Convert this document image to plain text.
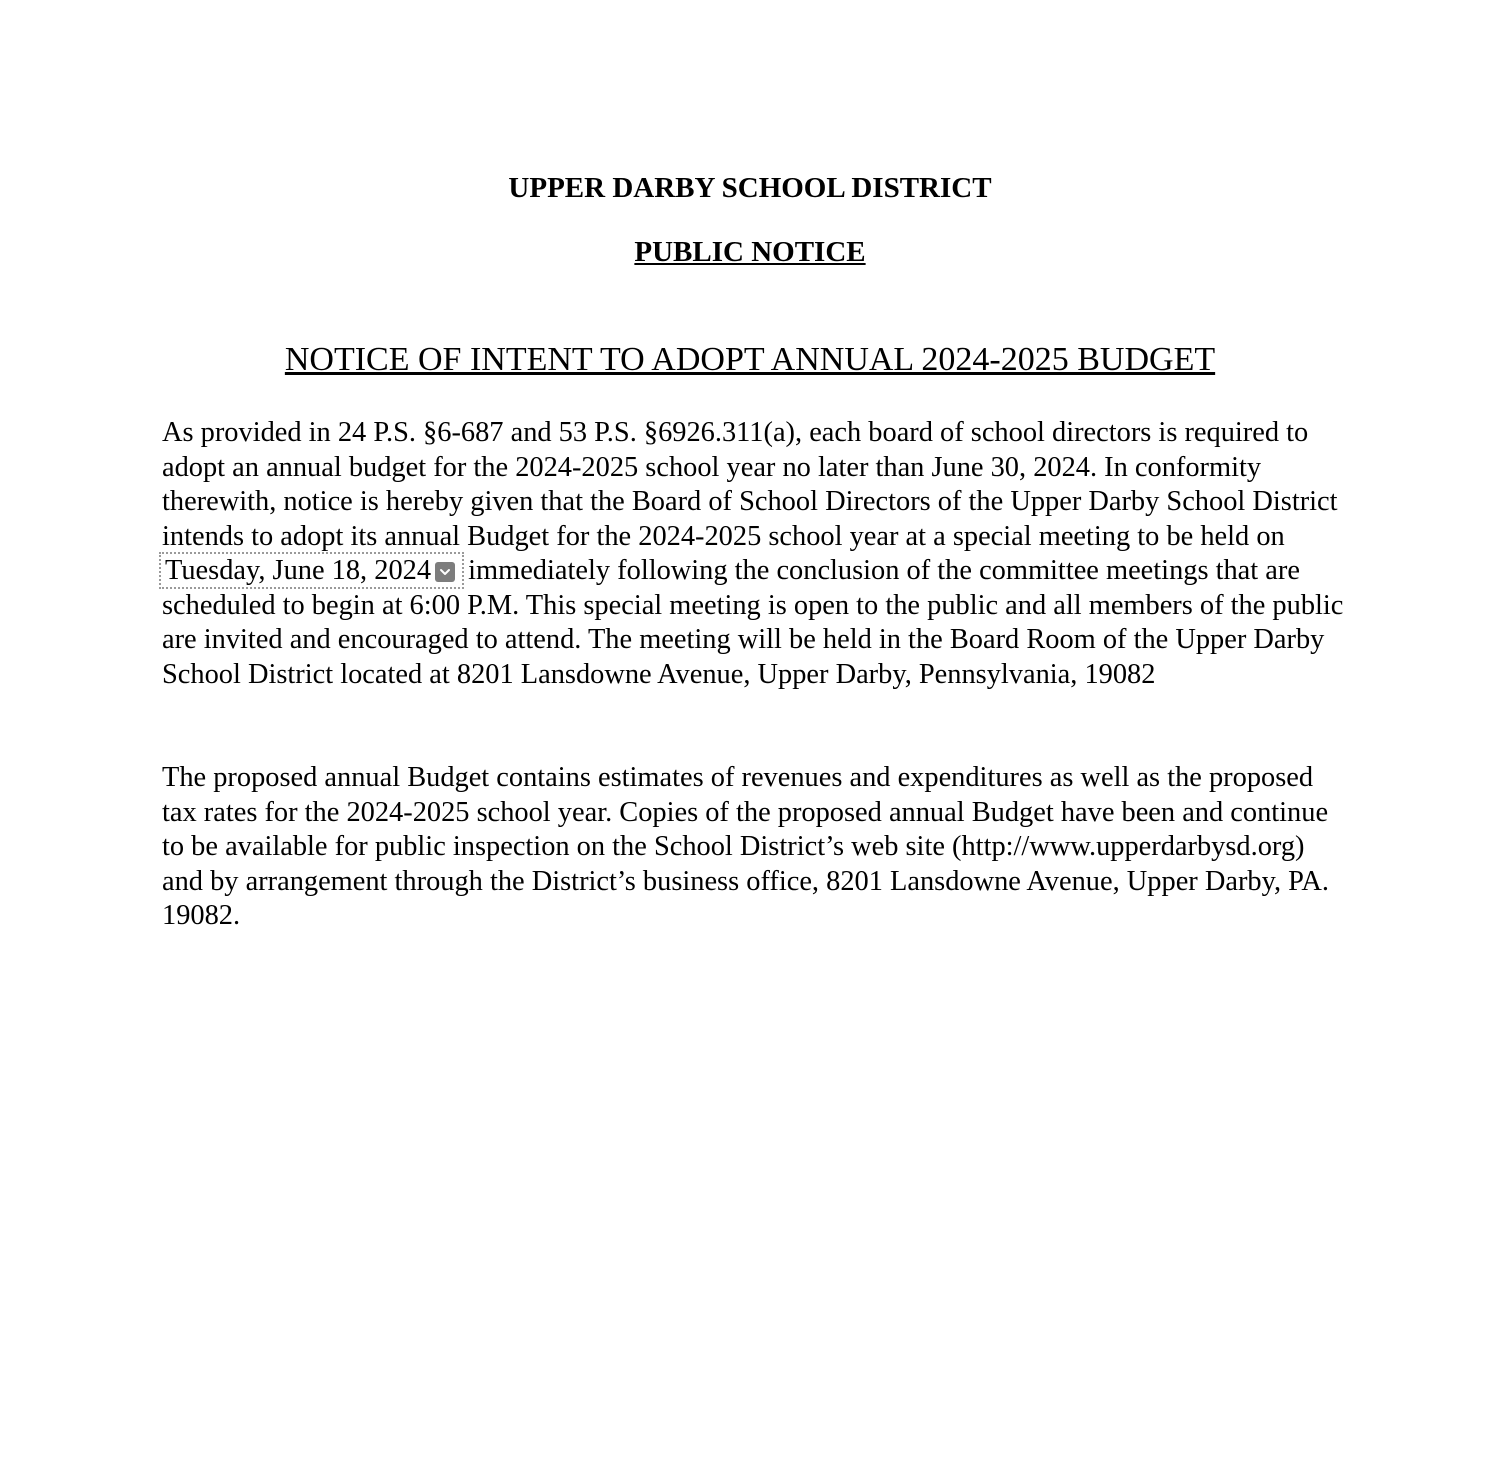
UPPER DARBY SCHOOL DISTRICT
PUBLIC NOTICE
NOTICE OF INTENT TO ADOPT ANNUAL 2024-2025 BUDGET

As provided in 24 P.S. §6-687 and 53 P.S. §6926.311(a), each board of school directors is required to adopt an annual budget for the 2024-2025 school year no later than June 30, 2024. In conformity therewith, notice is hereby given that the Board of School Directors of the Upper Darby School District intends to adopt its annual Budget for the 2024-2025 school year at a special meeting to be held on Tuesday, June 18, 2024 immediately following the conclusion of the committee meetings that are scheduled to begin at 6:00 P.M. This special meeting is open to the public and all members of the public are invited and encouraged to attend. The meeting will be held in the Board Room of the Upper Darby School District located at 8201 Lansdowne Avenue, Upper Darby, Pennsylvania, 19082

The proposed annual Budget contains estimates of revenues and expenditures as well as the proposed tax rates for the 2024-2025 school year. Copies of the proposed annual Budget have been and continue to be available for public inspection on the School District’s web site (http://www.upperdarbysd.org) and by arrangement through the District’s business office, 8201 Lansdowne Avenue, Upper Darby, PA. 19082.
